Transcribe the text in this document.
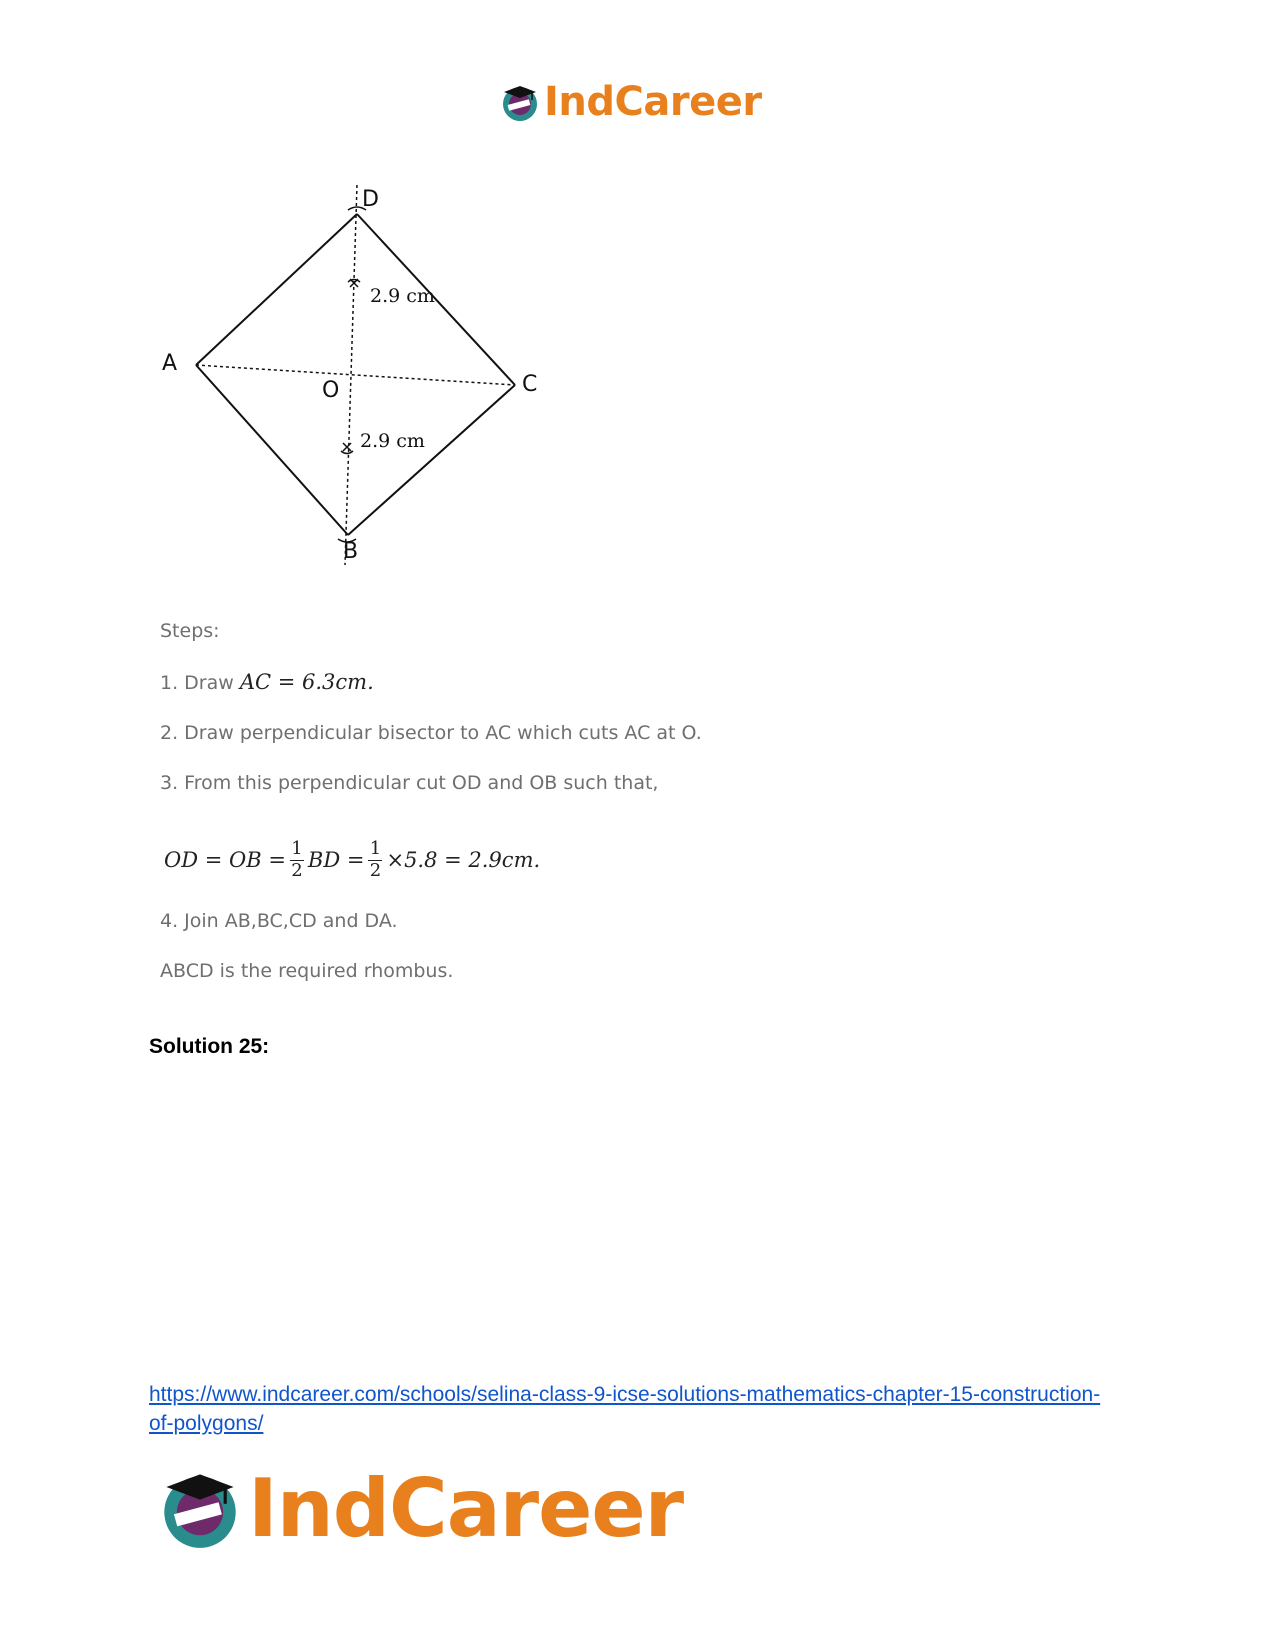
IndCareer
D
A
C
O
B
2.9 cm
2.9 cm
Steps:
1. Draw AC = 6.3cm.
2. Draw perpendicular bisector to AC which cuts AC at O.
3. From this perpendicular cut OD and OB such that,
OD = OB = $\frac{1}{2}$ BD = $\frac{1}{2} \times 5.8 = 2.9cm$.
4. Join AB,BC,CD and DA.
ABCD is the required rhombus.
Solution 25:
https://www.indcareer.com/schools/selina-class-9-icse-solutions-mathematics-chapter-15-construction-of-polygons/
IndCareer
